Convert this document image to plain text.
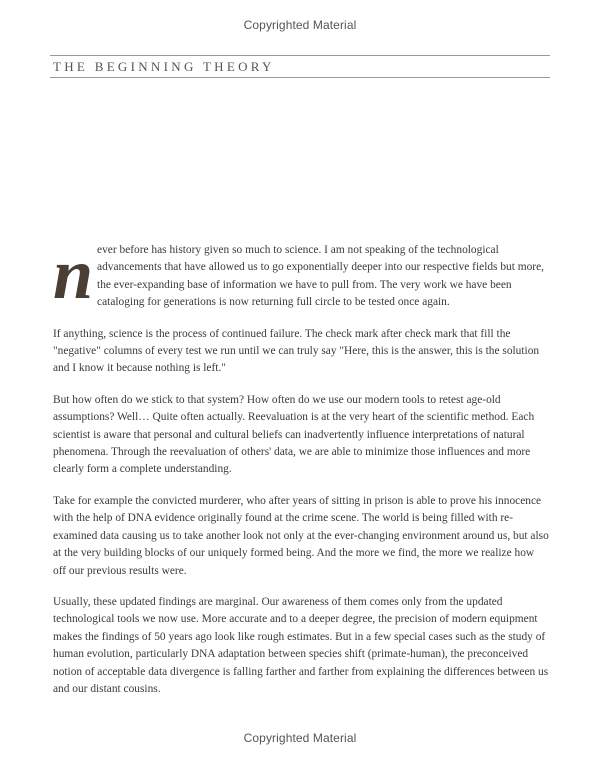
Copyrighted Material
THE BEGINNING THEORY

never before has history given so much to science. I am not speaking of the technological advancements that have allowed us to go exponentially deeper into our respective fields but more, the ever-expanding base of information we have to pull from. The very work we have been cataloging for generations is now returning full circle to be tested once again.

If anything, science is the process of continued failure. The check mark after check mark that fill the "negative" columns of every test we run until we can truly say "Here, this is the answer, this is the solution and I know it because nothing is left."

But how often do we stick to that system? How often do we use our modern tools to retest age-old assumptions? Well… Quite often actually. Reevaluation is at the very heart of the scientific method. Each scientist is aware that personal and cultural beliefs can inadvertently influence interpretations of natural phenomena. Through the reevaluation of others' data, we are able to minimize those influences and more clearly form a complete understanding.

Take for example the convicted murderer, who after years of sitting in prison is able to prove his innocence with the help of DNA evidence originally found at the crime scene. The world is being filled with re-examined data causing us to take another look not only at the ever-changing environment around us, but also at the very building blocks of our uniquely formed being. And the more we find, the more we realize how off our previous results were.

Usually, these updated findings are marginal. Our awareness of them comes only from the updated technological tools we now use. More accurate and to a deeper degree, the precision of modern equipment makes the findings of 50 years ago look like rough estimates. But in a few special cases such as the study of human evolution, particularly DNA adaptation between species shift (primate-human), the preconceived notion of acceptable data divergence is falling farther and farther from explaining the differences between us and our distant cousins.

Copyrighted Material
